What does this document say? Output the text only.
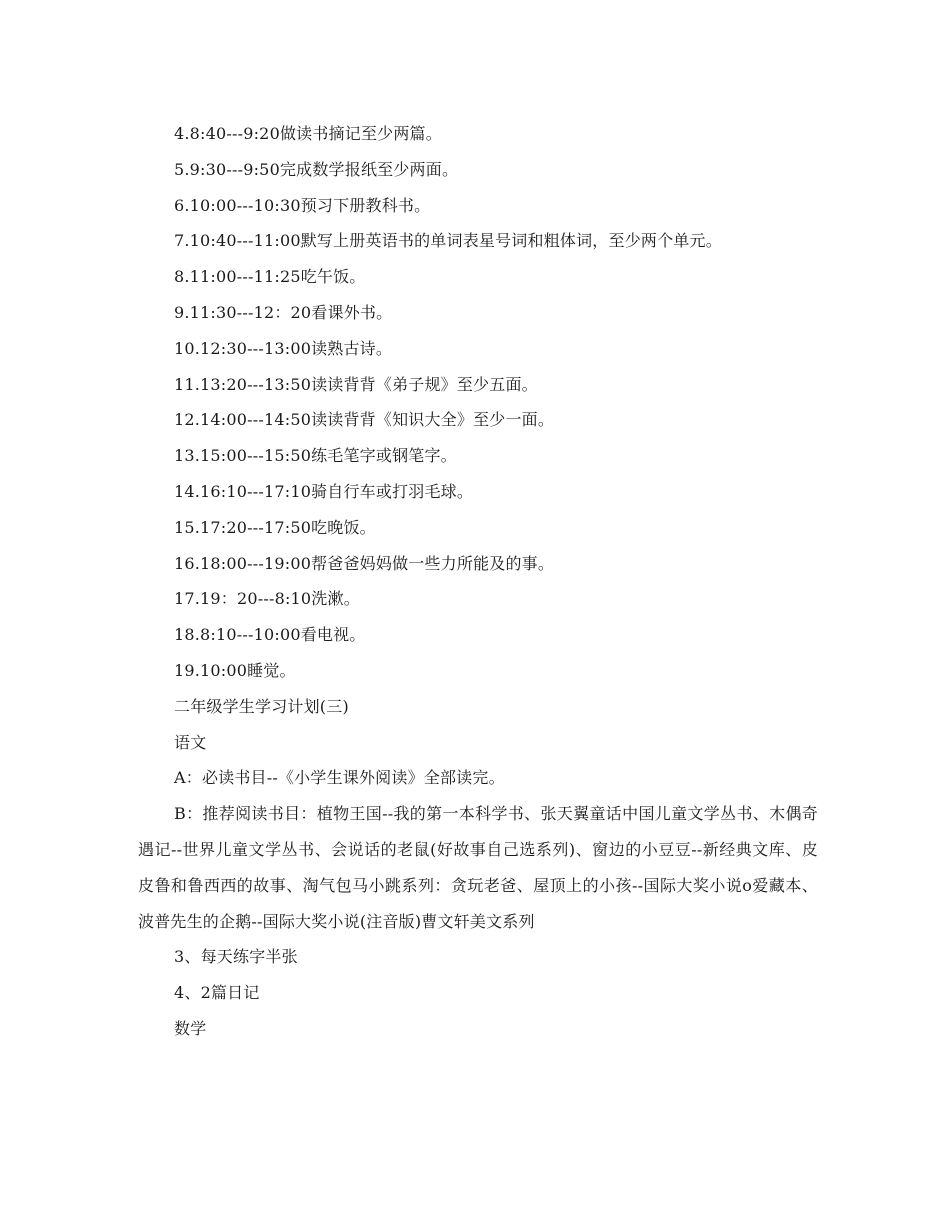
4.8:40---9:20做读书摘记至少两篇。
5.9:30---9:50完成数学报纸至少两面。
6.10:00---10:30预习下册教科书。
7.10:40---11:00默写上册英语书的单词表星号词和粗体词，至少两个单元。
8.11:00---11:25吃午饭。
9.11:30---12：20看课外书。
10.12:30---13:00读熟古诗。
11.13:20---13:50读读背背《弟子规》至少五面。
12.14:00---14:50读读背背《知识大全》至少一面。
13.15:00---15:50练毛笔字或钢笔字。
14.16:10---17:10骑自行车或打羽毛球。
15.17:20---17:50吃晚饭。
16.18:00---19:00帮爸爸妈妈做一些力所能及的事。
17.19：20---8:10洗漱。
18.8:10---10:00看电视。
19.10:00睡觉。
二年级学生学习计划(三)
语文
A：必读书目--《小学生课外阅读》全部读完。

B：推荐阅读书目：植物王国--我的第一本科学书、张天翼童话中国儿童文学丛书、木偶奇遇记--世界儿童文学丛书、会说话的老鼠(好故事自己选系列)、窗边的小豆豆--新经典文库、皮皮鲁和鲁西西的故事、淘气包马小跳系列：贪玩老爸、屋顶上的小孩--国际大奖小说o爱藏本、波普先生的企鹅--国际大奖小说(注音版)曹文轩美文系列

3、每天练字半张
4、2篇日记
数学
